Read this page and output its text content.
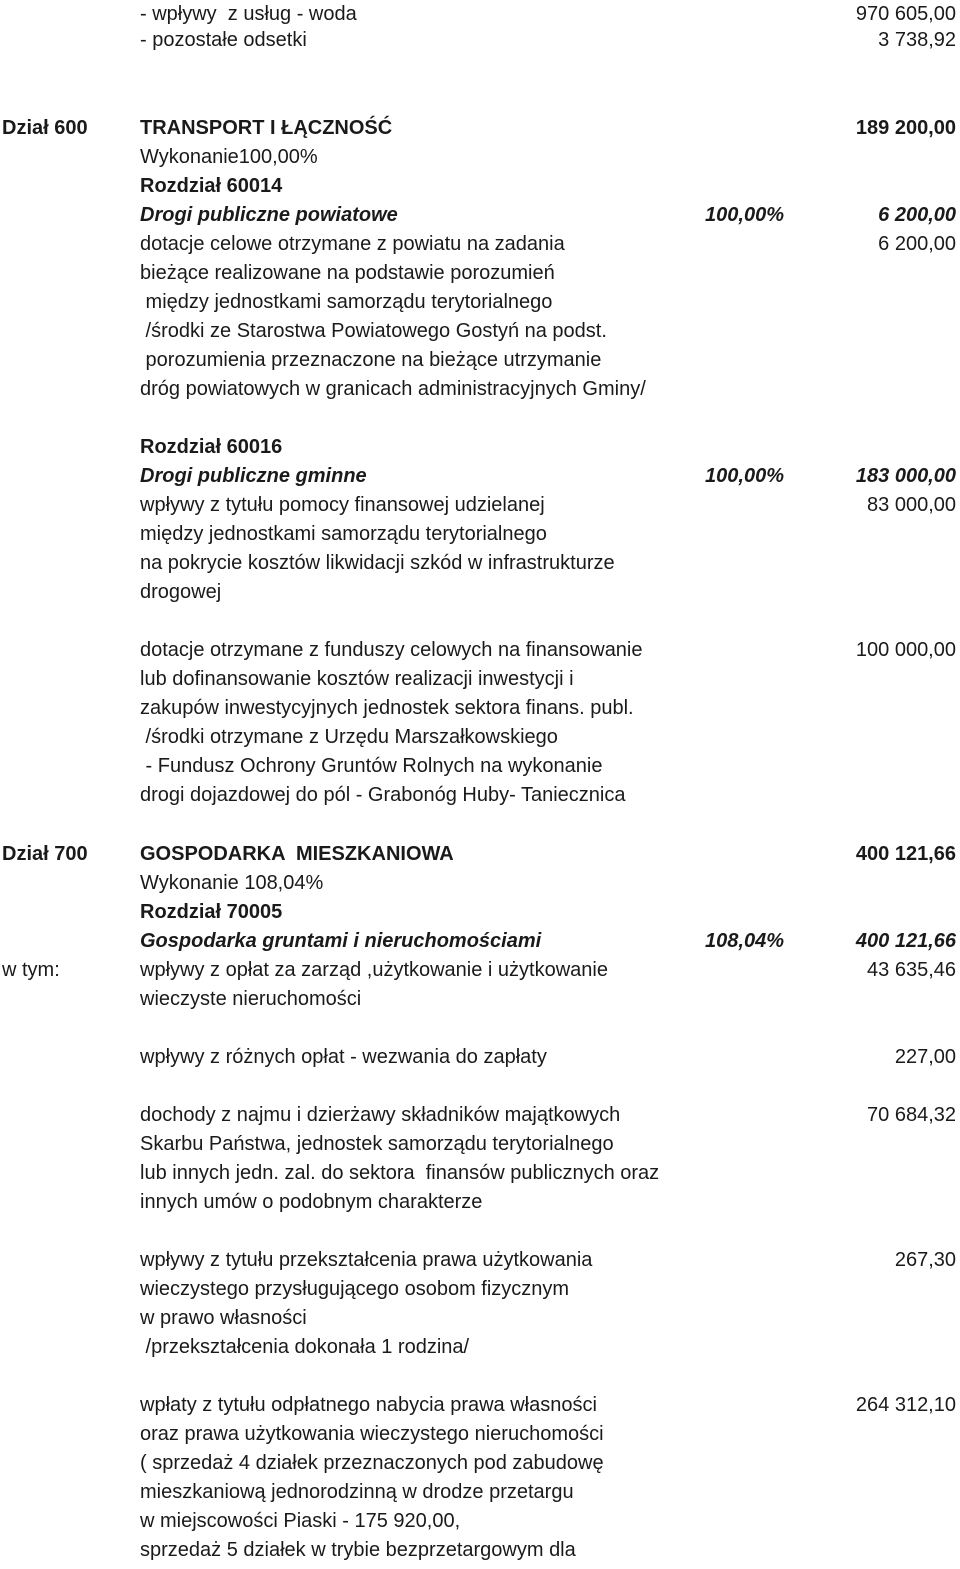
- wpływy  z usług - woda	970 605,00
- pozostałe odsetki	3 738,92
Dział 600	TRANSPORT I ŁĄCZNOŚĆ	189 200,00
Wykonanie100,00%
Rozdział 60014
Drogi publiczne powiatowe	100,00%	6 200,00
dotacje celowe otrzymane z powiatu na zadania	6 200,00
bieżące realizowane na podstawie porozumień
między jednostkami samorządu terytorialnego
/środki ze Starostwa Powiatowego Gostyń na podst.
porozumienia przeznaczone na bieżące utrzymanie
dróg powiatowych w granicach administracyjnych Gminy/
Rozdział 60016
Drogi publiczne gminne	100,00%	183 000,00
wpływy z tytułu pomocy finansowej udzielanej	83 000,00
między jednostkami samorządu terytorialnego
na pokrycie kosztów likwidacji szkód w infrastrukturze
drogowej
dotacje otrzymane z funduszy celowych na finansowanie	100 000,00
lub dofinansowanie kosztów realizacji inwestycji i
zakupów inwestycyjnych jednostek sektora finans. publ.
/środki otrzymane z Urzędu Marszałkowskiego
- Fundusz Ochrony Gruntów Rolnych na wykonanie
drogi dojazdowej do pól - Grabonóg Huby- Taniecznica
Dział 700	GOSPODARKA  MIESZKANIOWA	400 121,66
Wykonanie 108,04%
Rozdział 70005
Gospodarka gruntami i nieruchomościami	108,04%	400 121,66
w tym:	wpływy z opłat za zarząd ,użytkowanie i użytkowanie	43 635,46
wieczyste nieruchomości
wpływy z różnych opłat - wezwania do zapłaty	227,00
dochody z najmu i dzierżawy składników majątkowych	70 684,32
Skarbu Państwa, jednostek samorządu terytorialnego
lub innych jedn. zal. do sektora  finansów publicznych oraz
innych umów o podobnym charakterze
wpływy z tytułu przekształcenia prawa użytkowania	267,30
wieczystego przysługującego osobom fizycznym
w prawo własności
/przekształcenia dokonała 1 rodzina/
wpłaty z tytułu odpłatnego nabycia prawa własności	264 312,10
oraz prawa użytkowania wieczystego nieruchomości
( sprzedaż 4 działek przeznaczonych pod zabudowę
mieszkaniową jednorodzinną w drodze przetargu
w miejscowości Piaski - 175 920,00,
sprzedaż 5 działek w trybie bezprzetargowym dla
